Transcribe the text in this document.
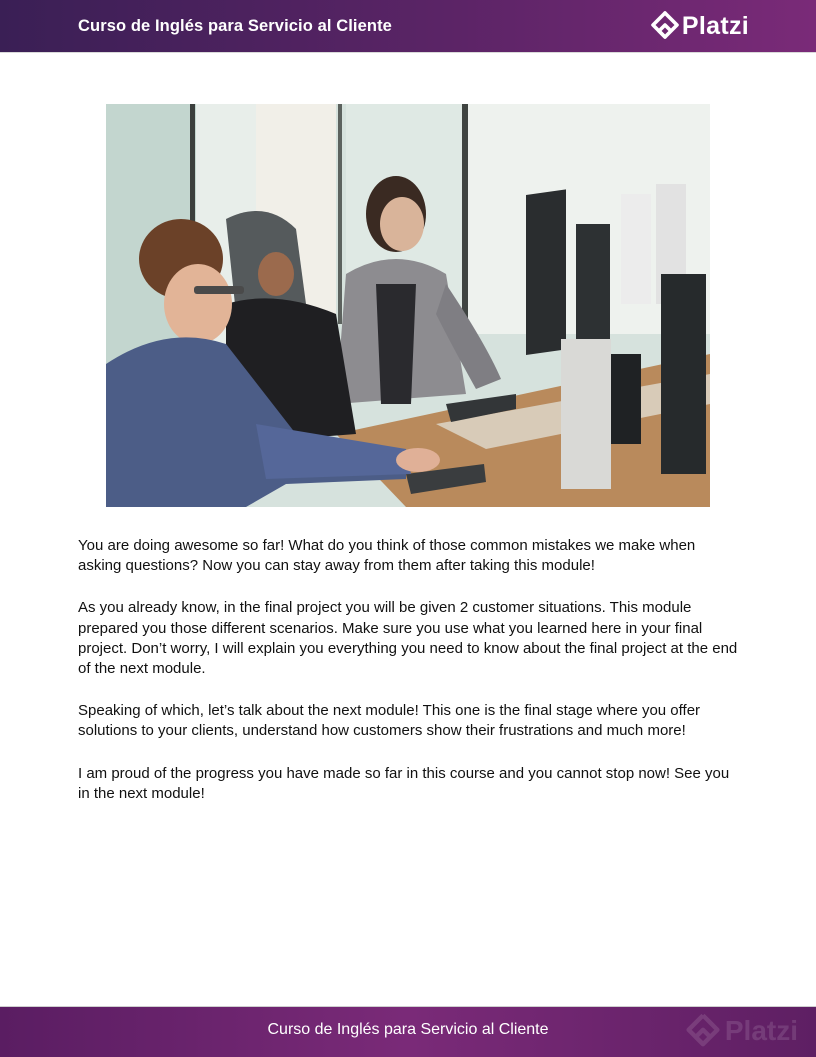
Curso de Inglés para Servicio al Cliente	Platzi

You are doing awesome so far! What do you think of those common mistakes we make when asking questions? Now you can stay away from them after taking this module!

As you already know, in the final project you will be given 2 customer situations. This module prepared you those different scenarios. Make sure you use what you learned here in your final project. Don’t worry, I will explain you everything you need to know about the final project at the end of the next module.

Speaking of which, let’s talk about the next module! This one is the final stage where you offer solutions to your clients, understand how customers show their frustrations and much more!

I am proud of the progress you have made so far in this course and you cannot stop now! See you in the next module!

Curso de Inglés para Servicio al Cliente	Platzi
